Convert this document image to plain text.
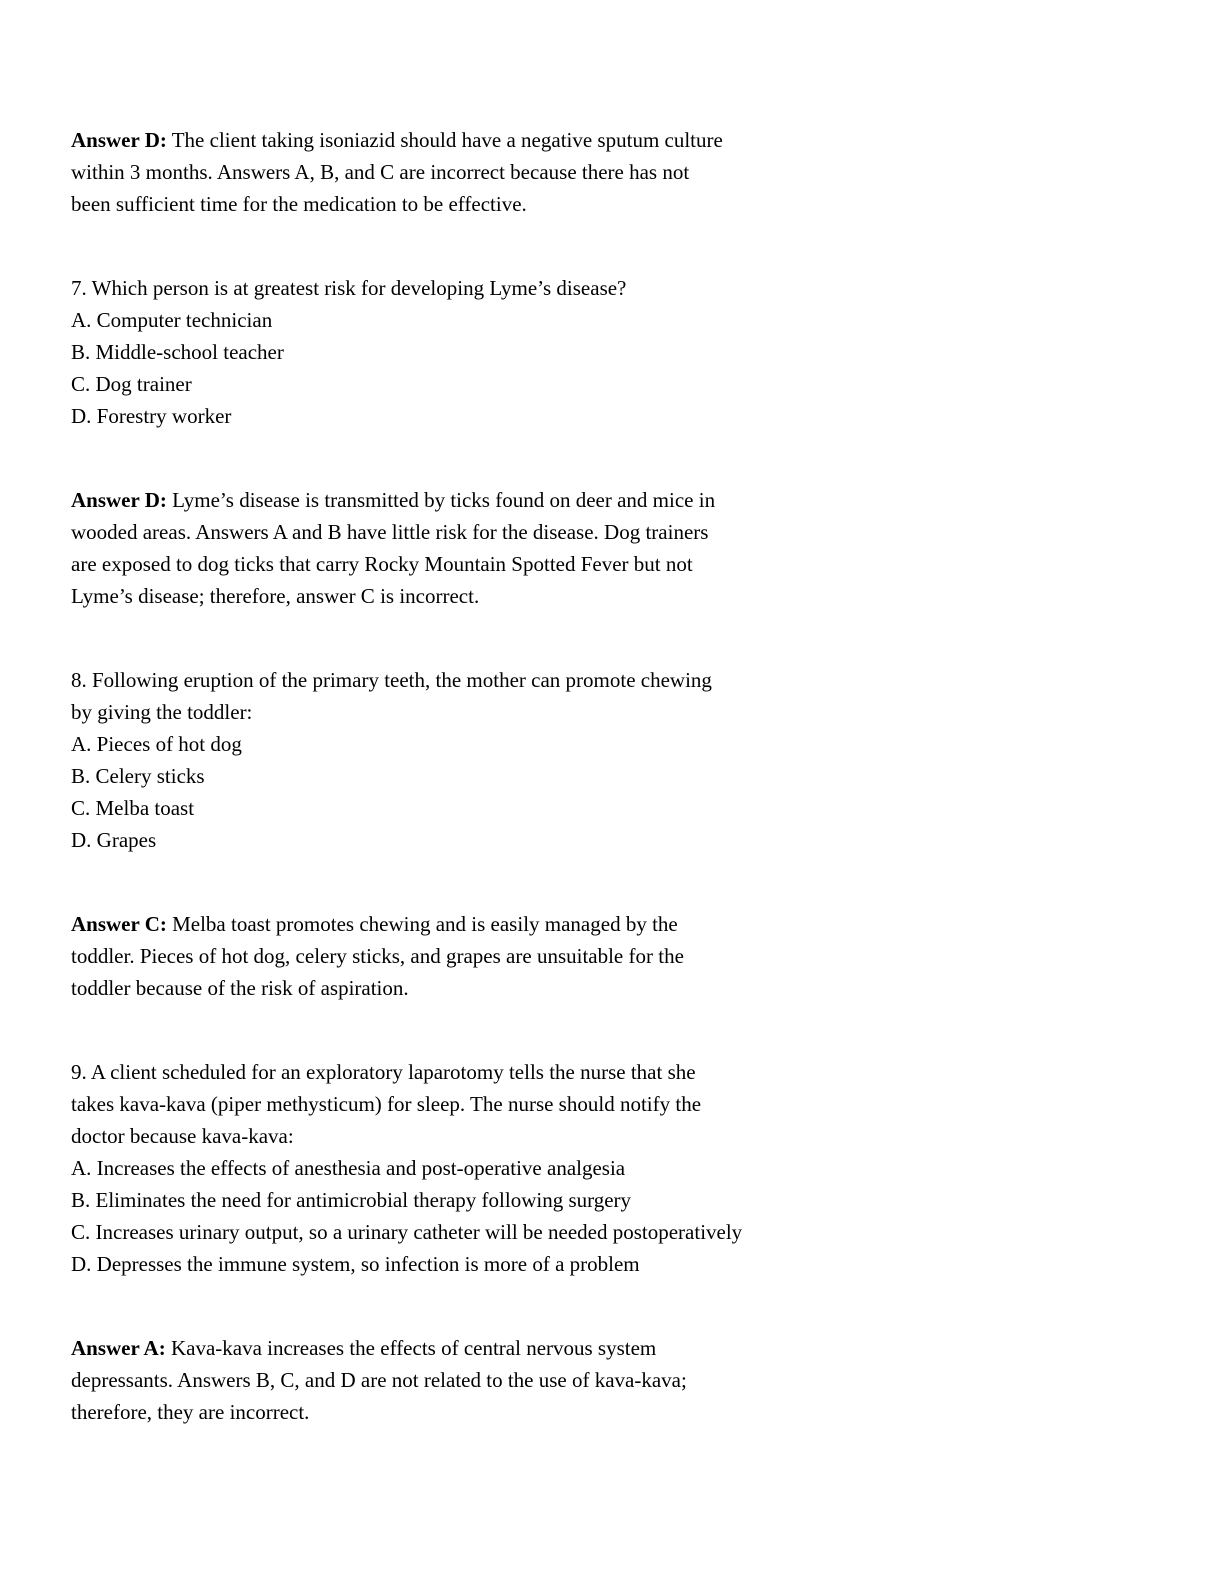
Answer D: The client taking isoniazid should have a negative sputum culture
within 3 months. Answers A, B, and C are incorrect because there has not
been sufficient time for the medication to be effective.
7. Which person is at greatest risk for developing Lyme’s disease?
A. Computer technician
B. Middle-school teacher
C. Dog trainer
D. Forestry worker
Answer D: Lyme’s disease is transmitted by ticks found on deer and mice in
wooded areas. Answers A and B have little risk for the disease. Dog trainers
are exposed to dog ticks that carry Rocky Mountain Spotted Fever but not
Lyme’s disease; therefore, answer C is incorrect.
8. Following eruption of the primary teeth, the mother can promote chewing
by giving the toddler:
A. Pieces of hot dog
B. Celery sticks
C. Melba toast
D. Grapes
Answer C: Melba toast promotes chewing and is easily managed by the
toddler. Pieces of hot dog, celery sticks, and grapes are unsuitable for the
toddler because of the risk of aspiration.
9. A client scheduled for an exploratory laparotomy tells the nurse that she
takes kava-kava (piper methysticum) for sleep. The nurse should notify the
doctor because kava-kava:
A. Increases the effects of anesthesia and post-operative analgesia
B. Eliminates the need for antimicrobial therapy following surgery
C. Increases urinary output, so a urinary catheter will be needed postoperatively
D. Depresses the immune system, so infection is more of a problem
Answer A: Kava-kava increases the effects of central nervous system
depressants. Answers B, C, and D are not related to the use of kava-kava;
therefore, they are incorrect.
